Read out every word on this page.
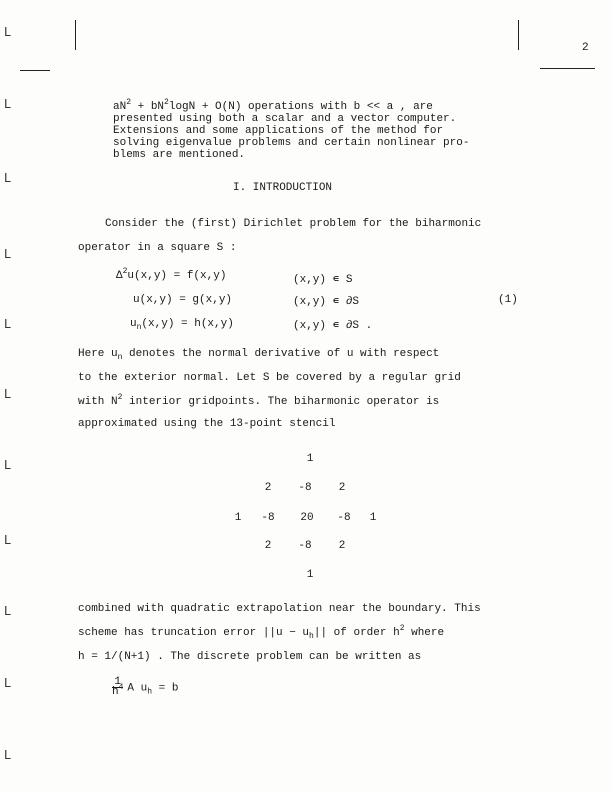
ᒪ
ᒪ
ᒪ
ᒪ
ᒪ
ᒪ
ᒪ
ᒪ
ᒪ
ᒪ
ᒪ
2
$aN^2 + bN^2\log N + O(N)$ operations with b << a , are
presented using both a scalar and a vector computer.
Extensions and some applications of the method for
solving eigenvalue problems and certain nonlinear pro-
blems are mentioned.
I. INTRODUCTION
Consider the (first) Dirichlet problem for the biharmonic
operator in a square S :
$\Delta^2u(x,y) = f(x,y)$	(x,y) ∊ S
u(x,y) = g(x,y)	(x,y) ∊ ∂S	(1)
$u_n(x,y) = h(x,y)$	(x,y) ∊ ∂S .
Here $u_n$ denotes the normal derivative of u with respect
to the exterior normal. Let S be covered by a regular grid
with $N^2$ interior gridpoints. The biharmonic operator is
approximated using the 13-point stencil
1
2	-8	2
1	-8	20	-8	1
2	-8	2
1
combined with quadratic extrapolation near the boundary. This
scheme has truncation error $||u - u_h||$ of order $h^2$ where
h = 1/(N+1) . The discrete problem can be written as
$\frac{1}{h^4}$ A $u_h = b$
